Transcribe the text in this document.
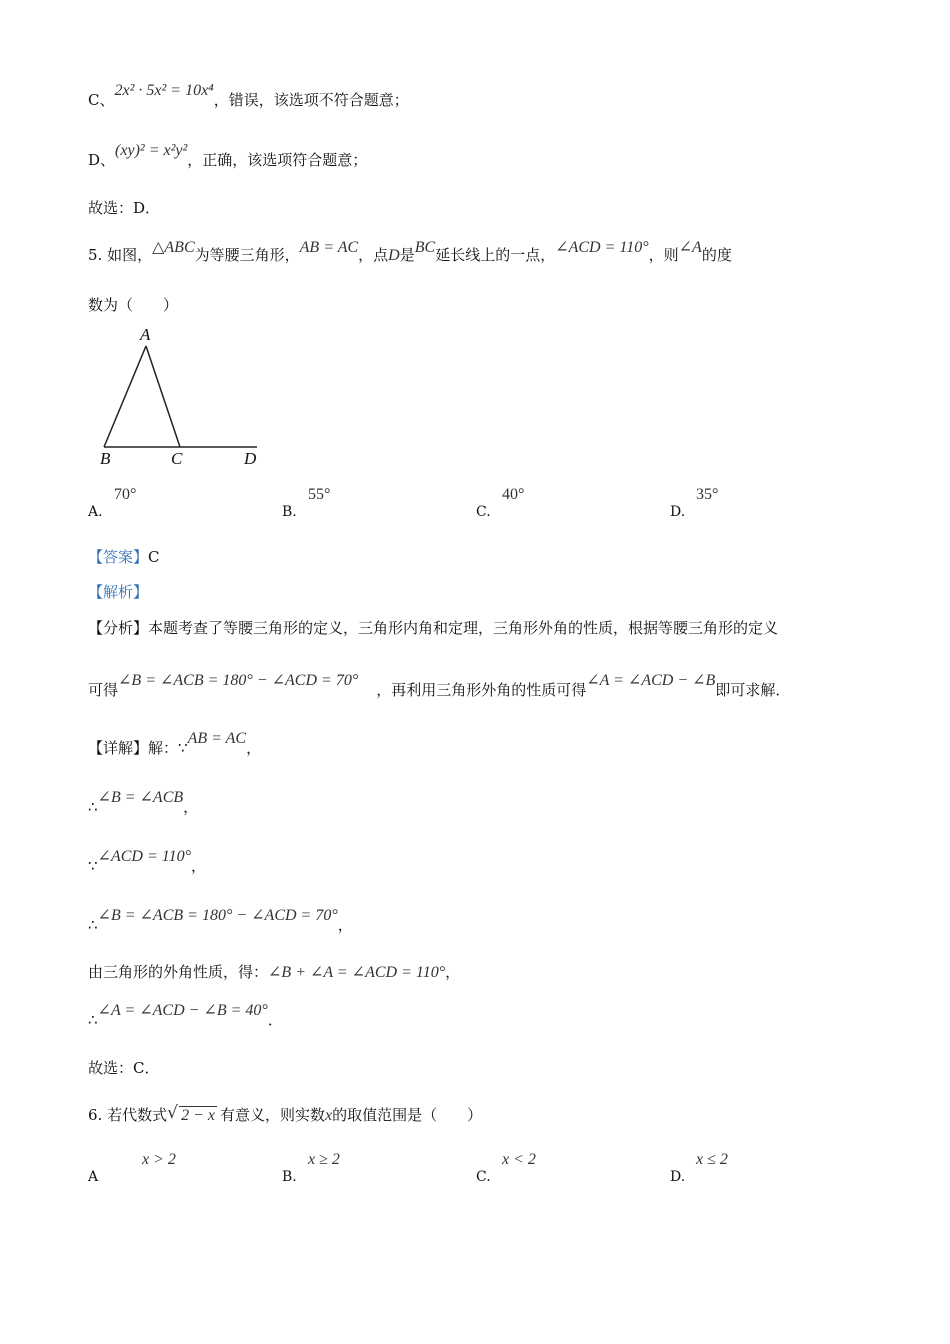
C、2x² · 5x² = 10x⁴，错误，该选项不符合题意；
D、(xy)² = x²y²，正确，该选项符合题意；
故选：D．
5. 如图，△ABC为等腰三角形，AB = AC，点D是BC延长线上的一点，∠ACD = 110°，则∠A的度
数为（　　）
A
B	C	D
A.
70°
B.
55°
C.
40°
D.
35°
【答案】C
【解析】
【分析】本题考查了等腰三角形的定义，三角形内角和定理，三角形外角的性质，根据等腰三角形的定义
可得∠B = ∠ACB = 180° − ∠ACD = 70°，再利用三角形外角的性质可得∠A = ∠ACD − ∠B即可求解．
【详解】解：∵AB = AC，
∴∠B = ∠ACB，
∵∠ACD = 110°，
∴∠B = ∠ACB = 180° − ∠ACD = 70°，
由三角形的外角性质，得：∠B + ∠A = ∠ACD = 110°，
∴∠A = ∠ACD − ∠B = 40°．
故选：C．
6. 若代数式 √ 2 − x 有意义，则实数x的取值范围是（　　）
A
x > 2
B.
x ≥ 2
C.
x < 2
D.
x ≤ 2
